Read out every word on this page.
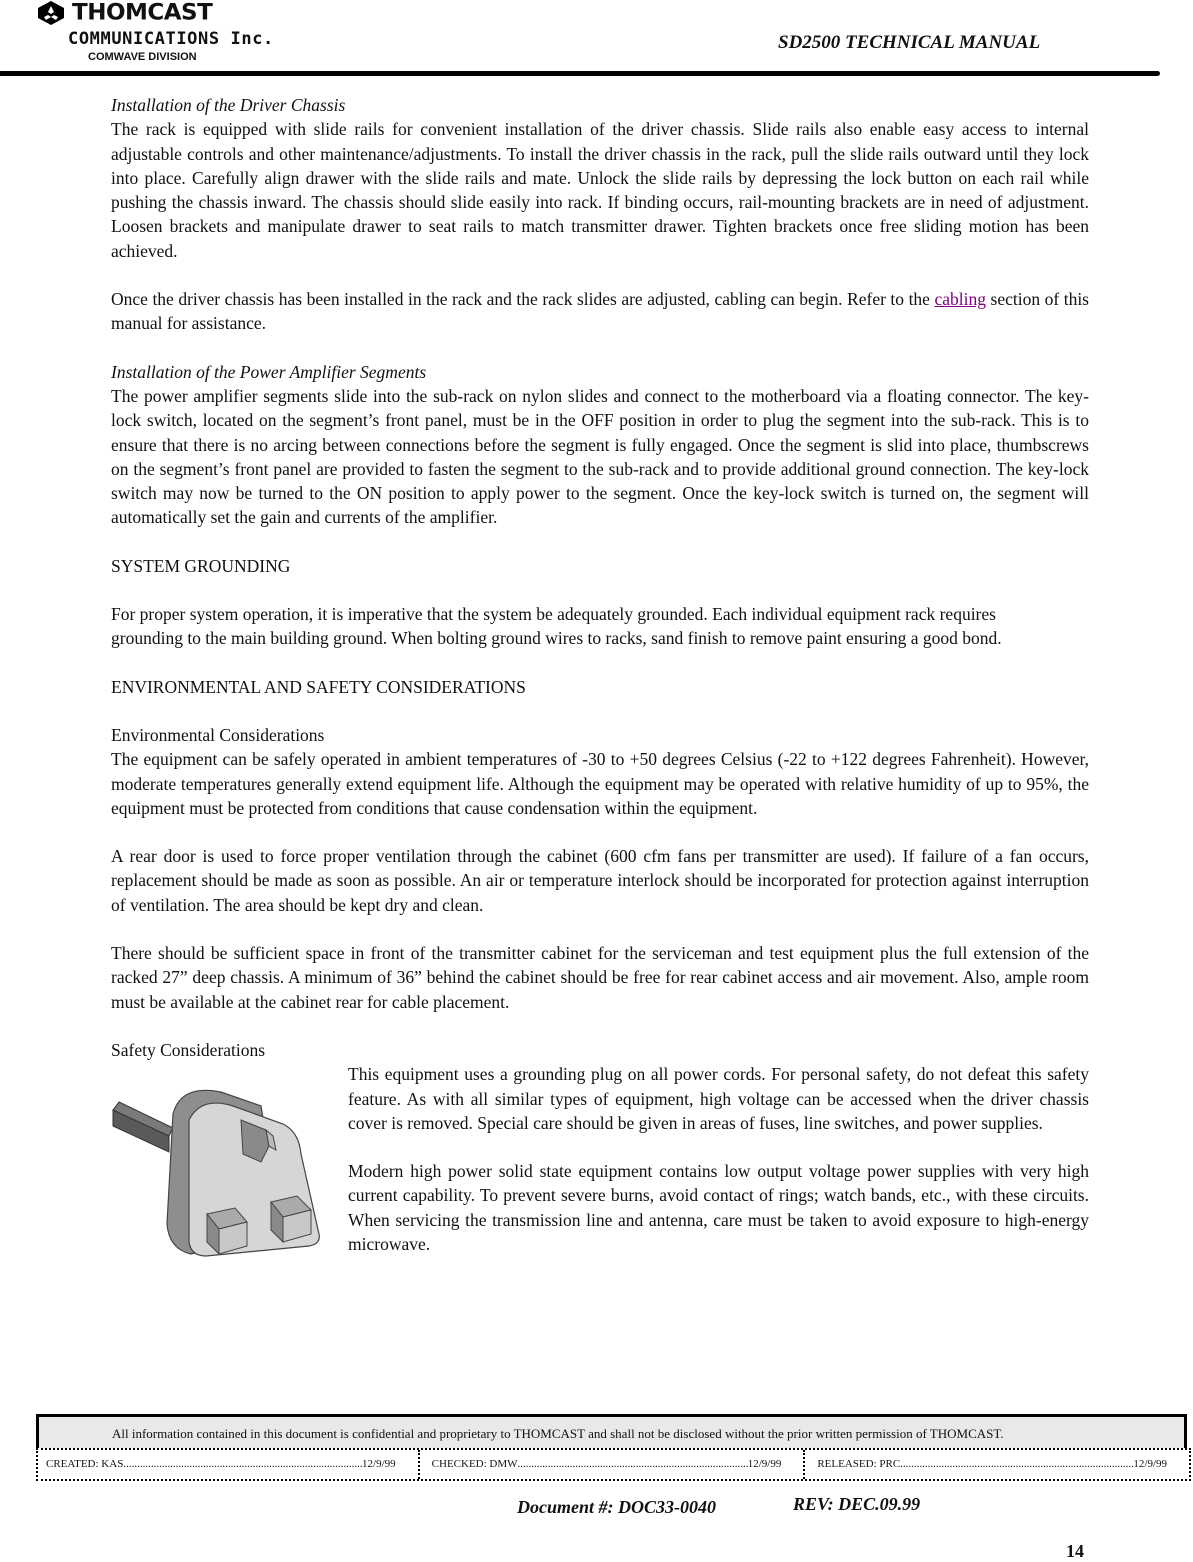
THOMCAST
COMMUNICATIONS Inc.
COMWAVE DIVISION
SD2500 TECHNICAL MANUAL

Installation of the Driver Chassis

The rack is equipped with slide rails for convenient installation of the driver chassis. Slide rails also enable easy access to internal adjustable controls and other maintenance/adjustments. To install the driver chassis in the rack, pull the slide rails outward until they lock into place. Carefully align drawer with the slide rails and mate. Unlock the slide rails by depressing the lock button on each rail while pushing the chassis inward. The chassis should slide easily into rack. If binding occurs, rail-mounting brackets are in need of adjustment. Loosen brackets and manipulate drawer to seat rails to match transmitter drawer. Tighten brackets once free sliding motion has been achieved.

Once the driver chassis has been installed in the rack and the rack slides are adjusted, cabling can begin. Refer to the cabling section of this manual for assistance.

Installation of the Power Amplifier Segments

The power amplifier segments slide into the sub-rack on nylon slides and connect to the motherboard via a floating connector. The key-lock switch, located on the segment’s front panel, must be in the OFF position in order to plug the segment into the sub-rack. This is to ensure that there is no arcing between connections before the segment is fully engaged. Once the segment is slid into place, thumbscrews on the segment’s front panel are provided to fasten the segment to the sub-rack and to provide additional ground connection. The key-lock switch may now be turned to the ON position to apply power to the segment. Once the key-lock switch is turned on, the segment will automatically set the gain and currents of the amplifier.

SYSTEM GROUNDING

For proper system operation, it is imperative that the system be adequately grounded. Each individual equipment rack requires grounding to the main building ground. When bolting ground wires to racks, sand finish to remove paint ensuring a good bond.

ENVIRONMENTAL AND SAFETY CONSIDERATIONS

Environmental Considerations

The equipment can be safely operated in ambient temperatures of -30 to +50 degrees Celsius (-22 to +122 degrees Fahrenheit). However, moderate temperatures generally extend equipment life. Although the equipment may be operated with relative humidity of up to 95%, the equipment must be protected from conditions that cause condensation within the equipment.

A rear door is used to force proper ventilation through the cabinet (600 cfm fans per transmitter are used). If failure of a fan occurs, replacement should be made as soon as possible. An air or temperature interlock should be incorporated for protection against interruption of ventilation. The area should be kept dry and clean.

There should be sufficient space in front of the transmitter cabinet for the serviceman and test equipment plus the full extension of the racked 27” deep chassis. A minimum of 36” behind the cabinet should be free for rear cabinet access and air movement. Also, ample room must be available at the cabinet rear for cable placement.

Safety Considerations

This equipment uses a grounding plug on all power cords. For personal safety, do not defeat this safety feature. As with all similar types of equipment, high voltage can be accessed when the driver chassis cover is removed. Special care should be given in areas of fuses, line switches, and power supplies.

Modern high power solid state equipment contains low output voltage power supplies with very high current capability. To prevent severe burns, avoid contact of rings; watch bands, etc., with these circuits. When servicing the transmission line and antenna, care must be taken to avoid exposure to high-energy microwave.

All information contained in this document is confidential and proprietary to THOMCAST and shall not be disclosed without the prior written permission of THOMCAST.
CREATED: KAS .....	12/9/99	CHECKED: DMW .....	12/9/99	RELEASED: PRC .....	12/9/99
Document #: DOC33-0040	REV: DEC.09.99
14
